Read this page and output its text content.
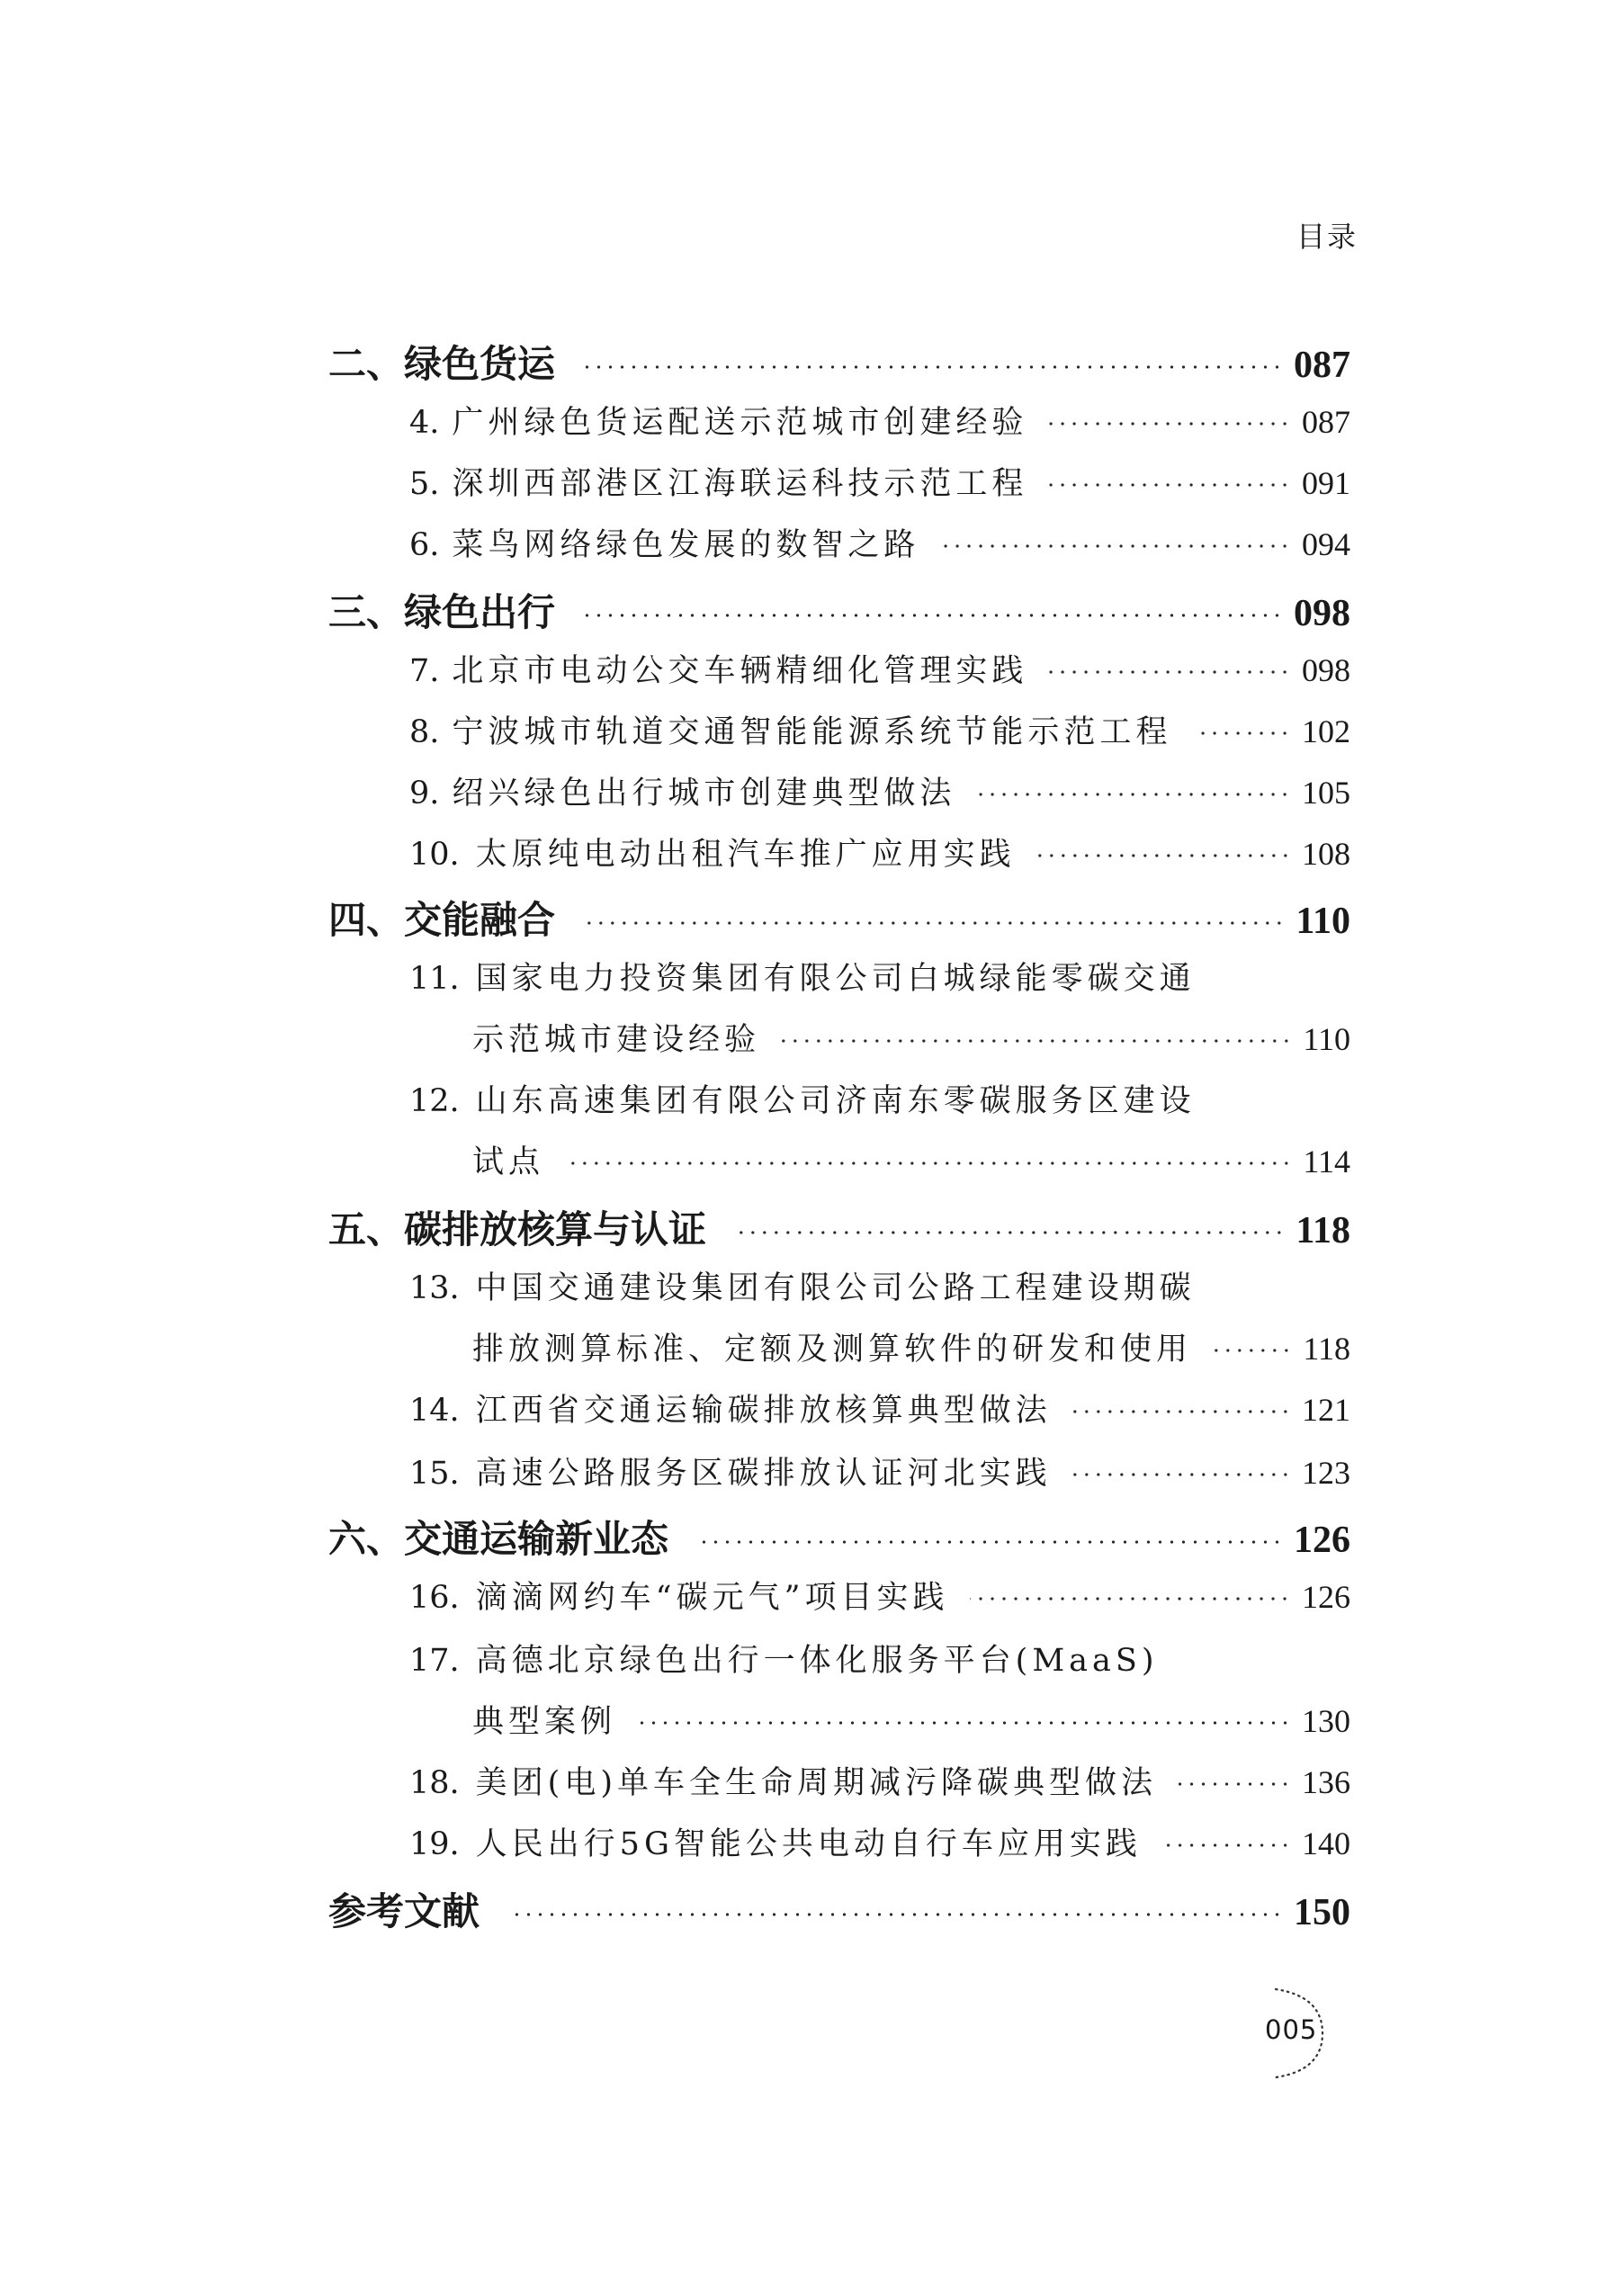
目录
二、绿色货运	087
4. 广州绿色货运配送示范城市创建经验	087
5. 深圳西部港区江海联运科技示范工程	091
6. 菜鸟网络绿色发展的数智之路	094
三、绿色出行	098
7. 北京市电动公交车辆精细化管理实践	098
8. 宁波城市轨道交通智能能源系统节能示范工程	102
9. 绍兴绿色出行城市创建典型做法	105
10. 太原纯电动出租汽车推广应用实践	108
四、交能融合	110
11. 国家电力投资集团有限公司白城绿能零碳交通
示范城市建设经验	110
12. 山东高速集团有限公司济南东零碳服务区建设
试点	114
五、碳排放核算与认证	118
13. 中国交通建设集团有限公司公路工程建设期碳
排放测算标准、定额及测算软件的研发和使用	118
14. 江西省交通运输碳排放核算典型做法	121
15. 高速公路服务区碳排放认证河北实践	123
六、交通运输新业态	126
16. 滴滴网约车“碳元气”项目实践	126
17. 高德北京绿色出行一体化服务平台(MaaS)
典型案例	130
18. 美团(电)单车全生命周期减污降碳典型做法	136
19. 人民出行5G智能公共电动自行车应用实践	140
参考文献	150
005
